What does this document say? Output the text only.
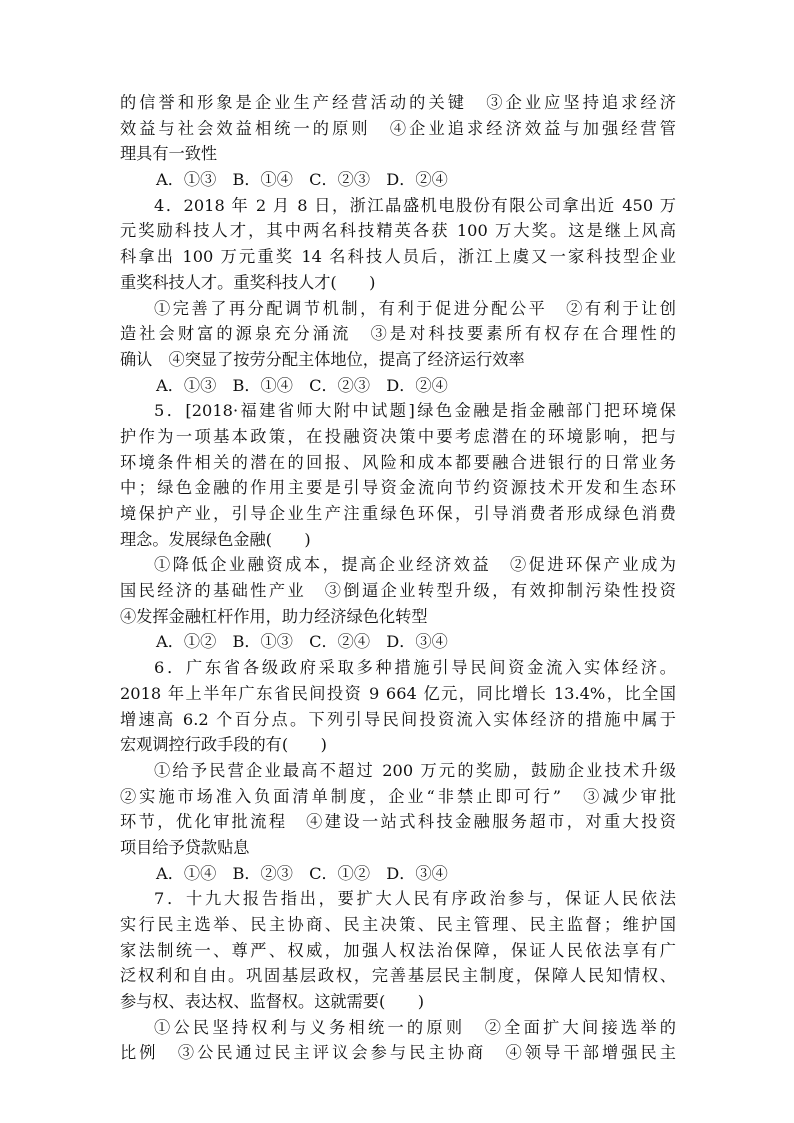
的信誉和形象是企业生产经营活动的关键　③企业应坚持追求经济
效益与社会效益相统一的原则　④企业追求经济效益与加强经营管
理具有一致性
A．①③　B．①④　C．②③　D．②④
4．2018 年 2 月 8 日，浙江晶盛机电股份有限公司拿出近 450 万
元奖励科技人才，其中两名科技精英各获 100 万大奖。这是继上风高
科拿出 100 万元重奖 14 名科技人员后，浙江上虞又一家科技型企业
重奖科技人才。重奖科技人才(　　)
①完善了再分配调节机制，有利于促进分配公平　②有利于让创
造社会财富的源泉充分涌流　③是对科技要素所有权存在合理性的
确认　④突显了按劳分配主体地位，提高了经济运行效率
A．①③　B．①④　C．②③　D．②④
5．[2018·福建省师大附中试题]绿色金融是指金融部门把环境保
护作为一项基本政策，在投融资决策中要考虑潜在的环境影响，把与
环境条件相关的潜在的回报、风险和成本都要融合进银行的日常业务
中；绿色金融的作用主要是引导资金流向节约资源技术开发和生态环
境保护产业，引导企业生产注重绿色环保，引导消费者形成绿色消费
理念。发展绿色金融(　　)
①降低企业融资成本，提高企业经济效益　②促进环保产业成为
国民经济的基础性产业　③倒逼企业转型升级，有效抑制污染性投资
④发挥金融杠杆作用，助力经济绿色化转型
A．①②　B．①③　C．②④　D．③④
6．广东省各级政府采取多种措施引导民间资金流入实体经济。
2018 年上半年广东省民间投资 9 664 亿元，同比增长 13.4%，比全国
增速高 6.2 个百分点。下列引导民间投资流入实体经济的措施中属于
宏观调控行政手段的有(　　)
①给予民营企业最高不超过 200 万元的奖励，鼓励企业技术升级
②实施市场准入负面清单制度，企业“非禁止即可行”　③减少审批
环节，优化审批流程　④建设一站式科技金融服务超市，对重大投资
项目给予贷款贴息
A．①④　B．②③　C．①②　D．③④
7．十九大报告指出，要扩大人民有序政治参与，保证人民依法
实行民主选举、民主协商、民主决策、民主管理、民主监督；维护国
家法制统一、尊严、权威，加强人权法治保障，保证人民依法享有广
泛权利和自由。巩固基层政权，完善基层民主制度，保障人民知情权、
参与权、表达权、监督权。这就需要(　　)
①公民坚持权利与义务相统一的原则　②全面扩大间接选举的
比例　③公民通过民主评议会参与民主协商　④领导干部增强民主
